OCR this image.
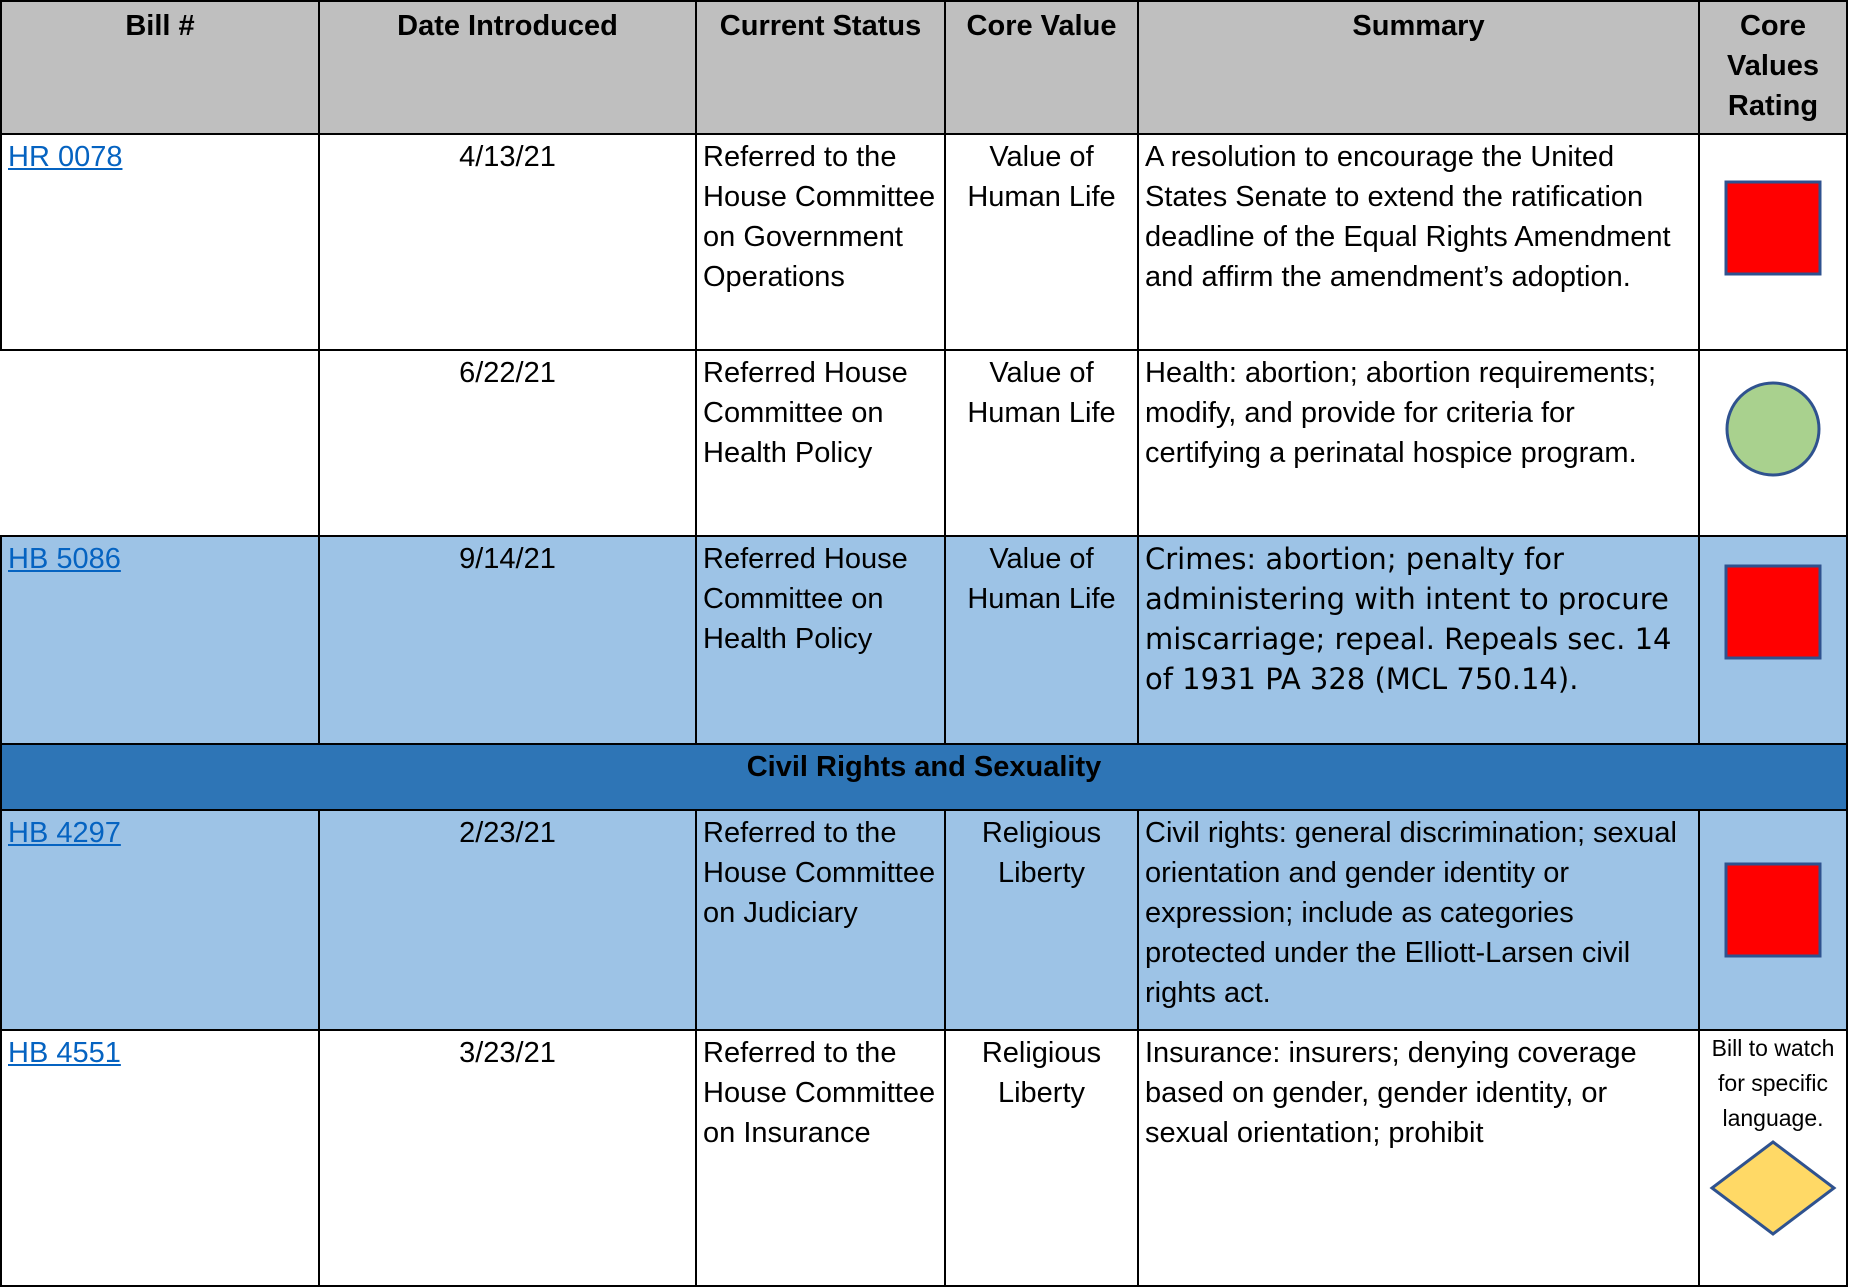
Bill #	Date Introduced	Current Status	Core Value	Summary	Core Values Rating
HR 0078	4/13/21	Referred to the House Committee on Government Operations	Value of Human Life	A resolution to encourage the United States Senate to extend the ratification deadline of the Equal Rights Amendment and affirm the amendment’s adoption.	
	6/22/21	Referred House Committee on Health Policy	Value of Human Life	Health: abortion; abortion requirements; modify, and provide for criteria for certifying a perinatal hospice program.	
HB 5086	9/14/21	Referred House Committee on Health Policy	Value of Human Life	Crimes: abortion; penalty for administering with intent to procure miscarriage; repeal. Repeals sec. 14 of 1931 PA 328 (MCL 750.14).	
Civil Rights and Sexuality					
HB 4297	2/23/21	Referred to the House Committee on Judiciary	Religious Liberty	Civil rights: general discrimination; sexual orientation and gender identity or expression; include as categories protected under the Elliott-Larsen civil rights act.	
HB 4551	3/23/21	Referred to the House Committee on Insurance	Religious Liberty	Insurance: insurers; denying coverage based on gender, gender identity, or sexual orientation; prohibit	Bill to watch for specific language.
